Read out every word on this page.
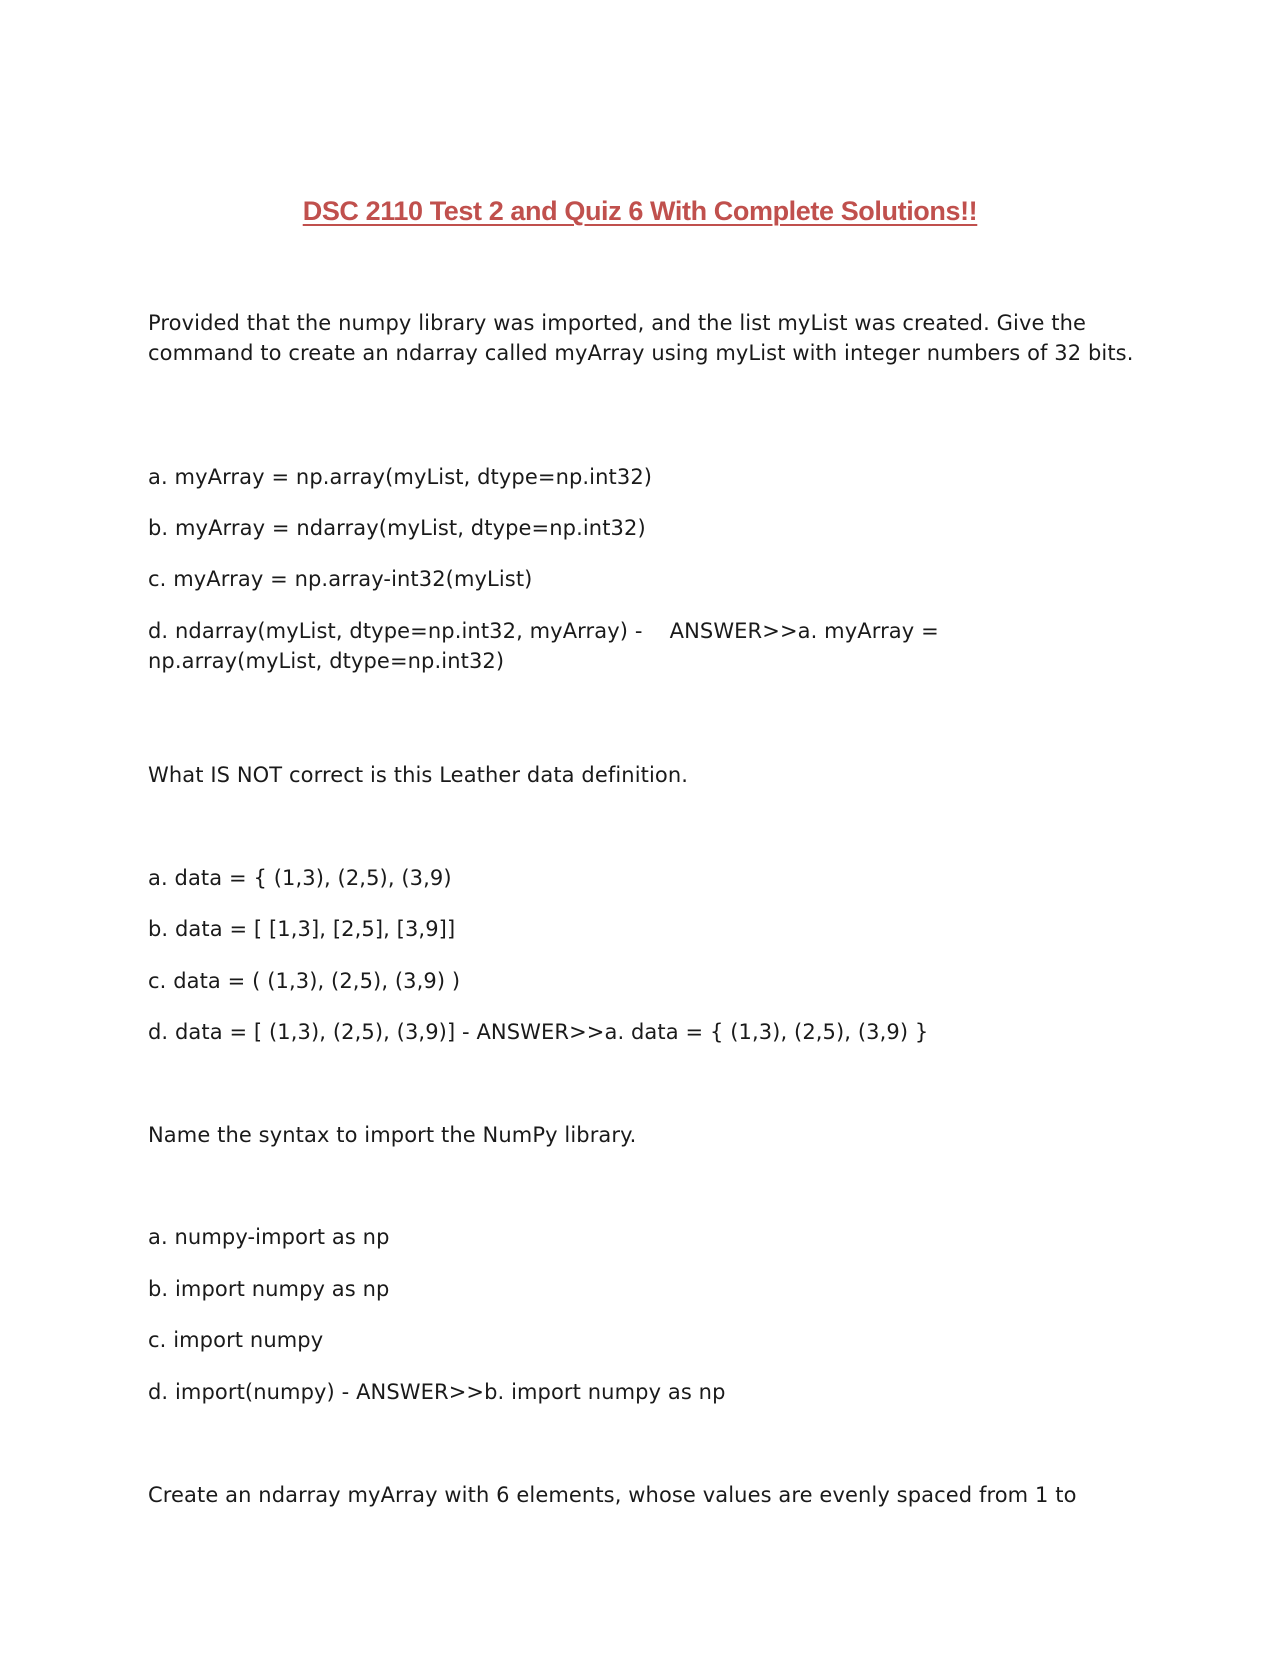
DSC 2110 Test 2 and Quiz 6 With Complete Solutions!!
Provided that the numpy library was imported, and the list myList was created. Give the command to create an ndarray called myArray using myList with integer numbers of 32 bits.
a. myArray = np.array(myList, dtype=np.int32)
b. myArray = ndarray(myList, dtype=np.int32)
c. myArray = np.array-int32(myList)
d. ndarray(myList, dtype=np.int32, myArray) -    ANSWER>>a. myArray = np.array(myList, dtype=np.int32)
What IS NOT correct is this Leather data definition.
a. data = { (1,3), (2,5), (3,9)
b. data = [ [1,3], [2,5], [3,9]]
c. data = ( (1,3), (2,5), (3,9) )
d. data = [ (1,3), (2,5), (3,9)] - ANSWER>>a. data = { (1,3), (2,5), (3,9) }
Name the syntax to import the NumPy library.
a. numpy-import as np
b. import numpy as np
c. import numpy
d. import(numpy) - ANSWER>>b. import numpy as np
Create an ndarray myArray with 6 elements, whose values are evenly spaced from 1 to
